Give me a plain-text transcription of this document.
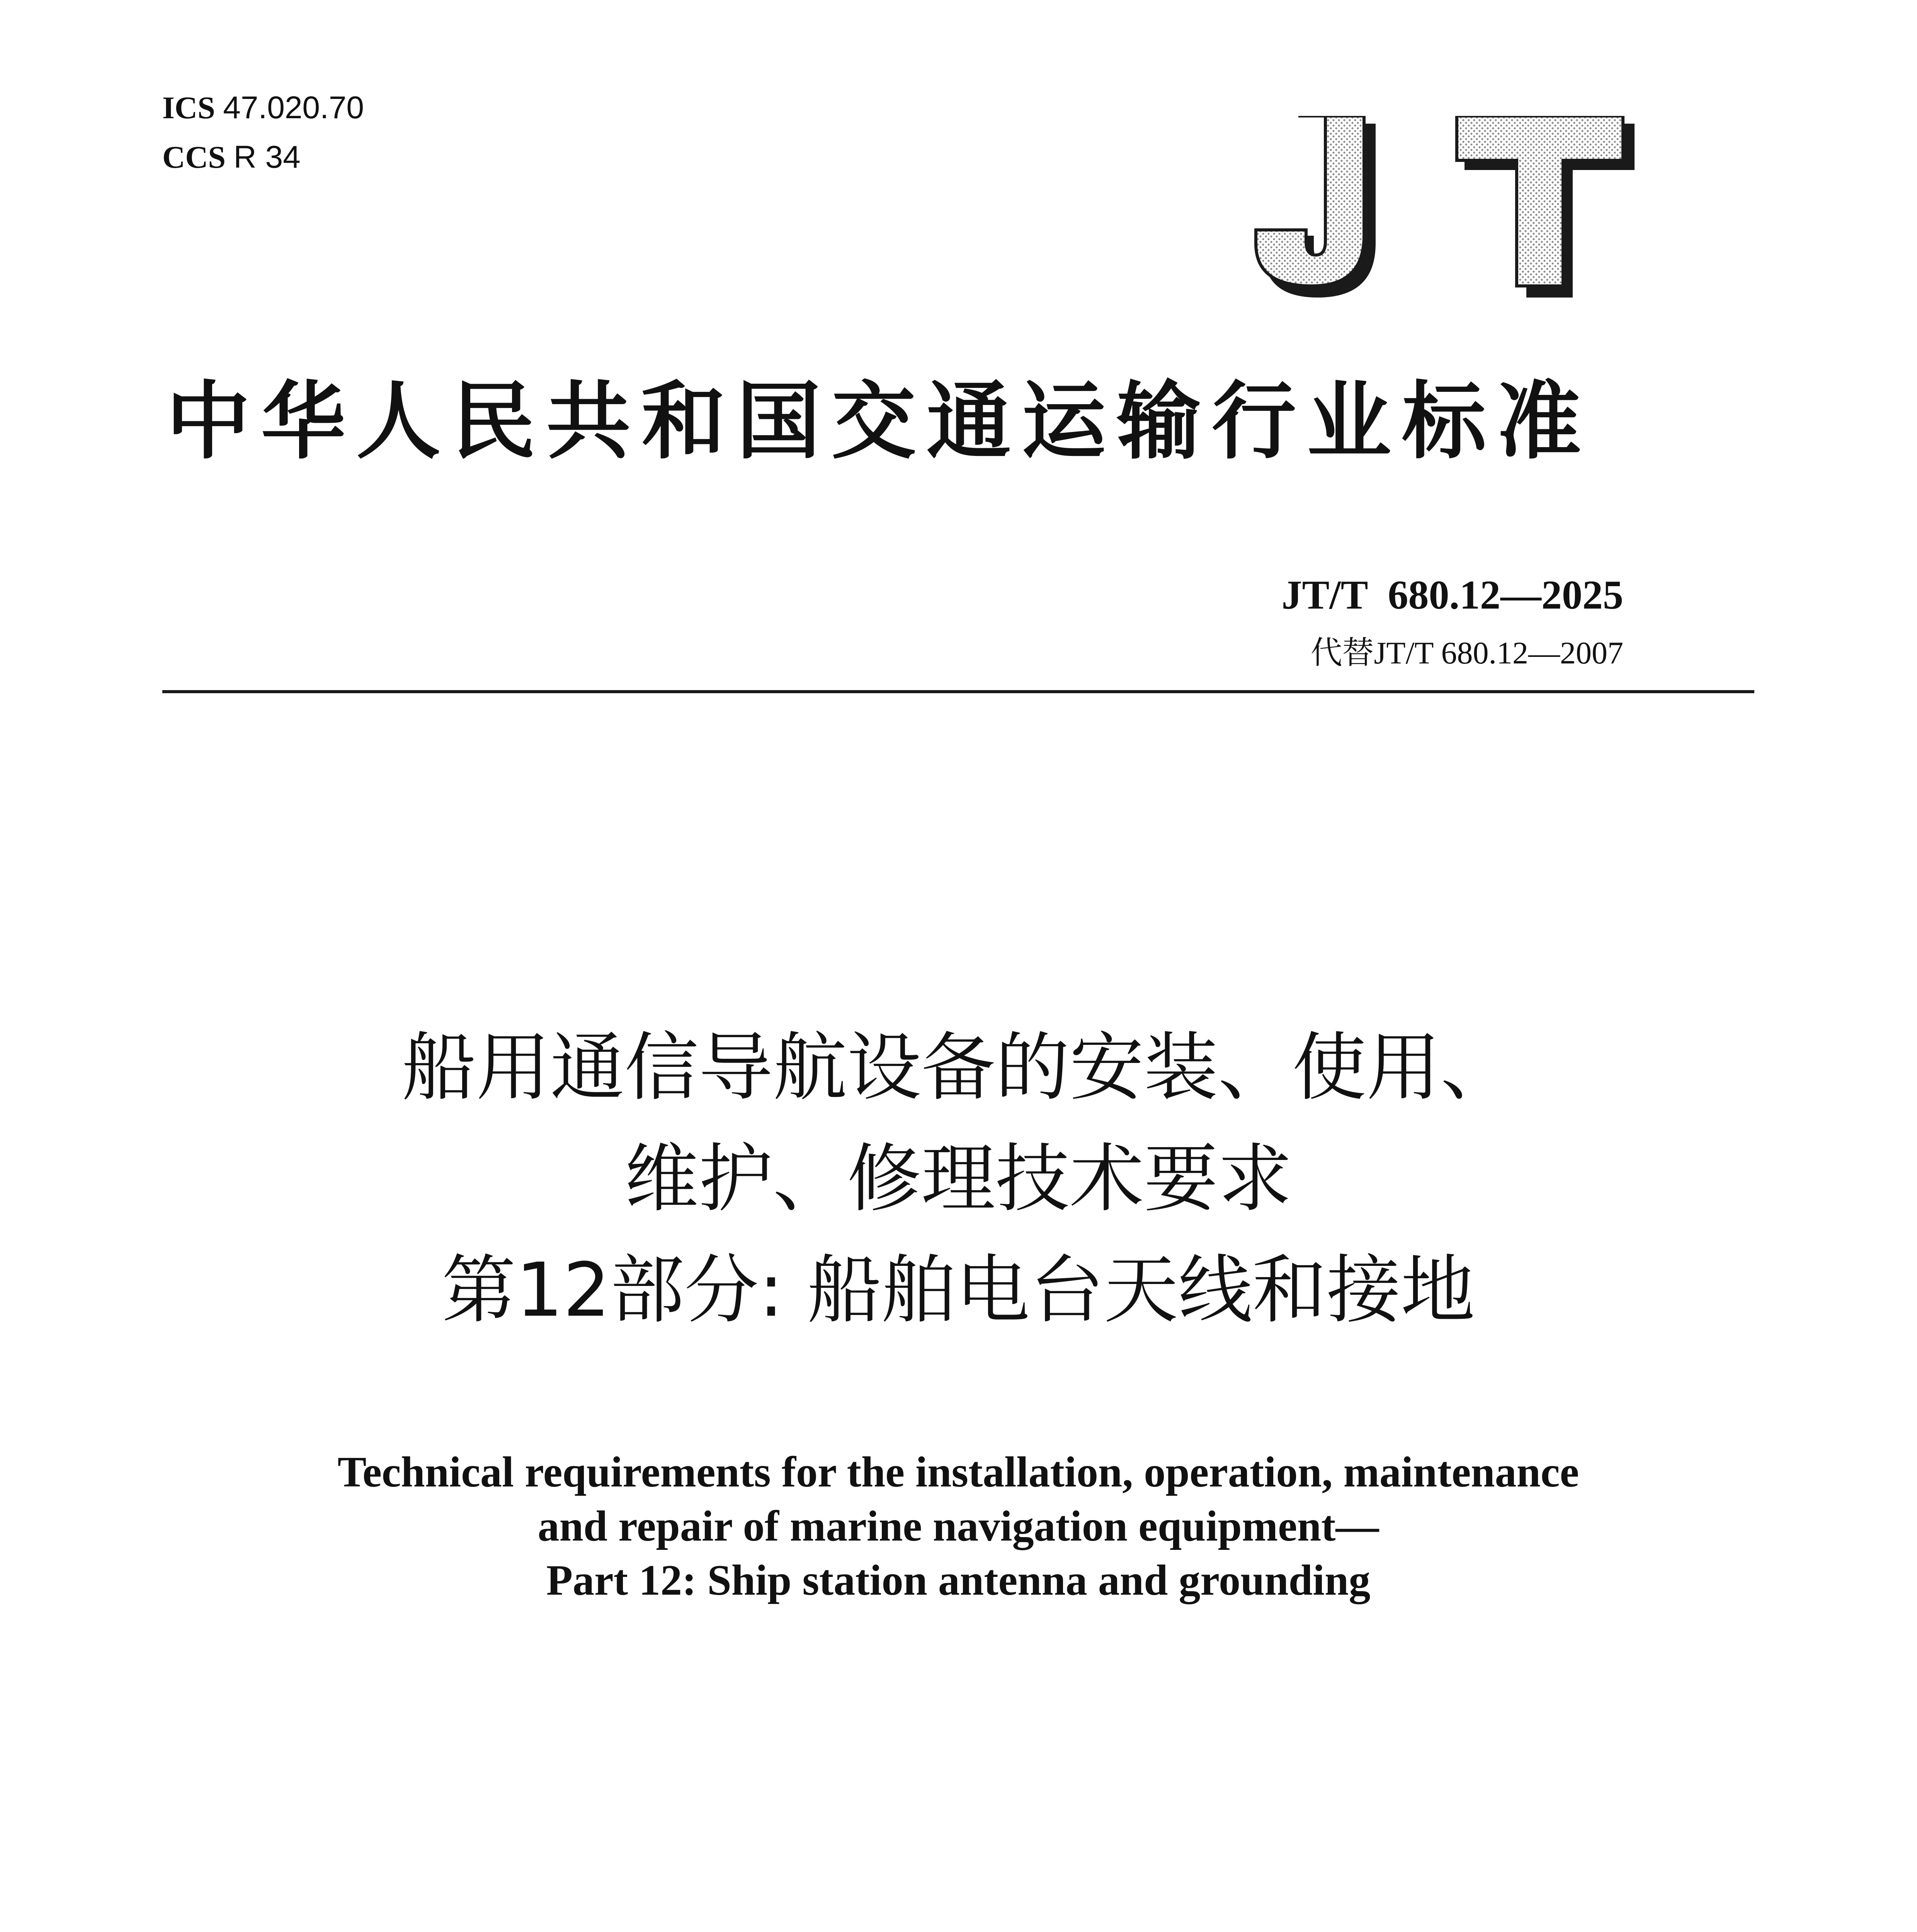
ICS 47.020.70
CCS R 34
中华人民共和国交通运输行业标准
JT/T  680.12—2025
代替JT/T 680.12—2007
船用通信导航设备的安装、使用、
维护、修理技术要求
第12部分: 船舶电台天线和接地
Technical requirements for the installation, operation, maintenance
and repair of marine navigation equipment—
Part 12: Ship station antenna and grounding
